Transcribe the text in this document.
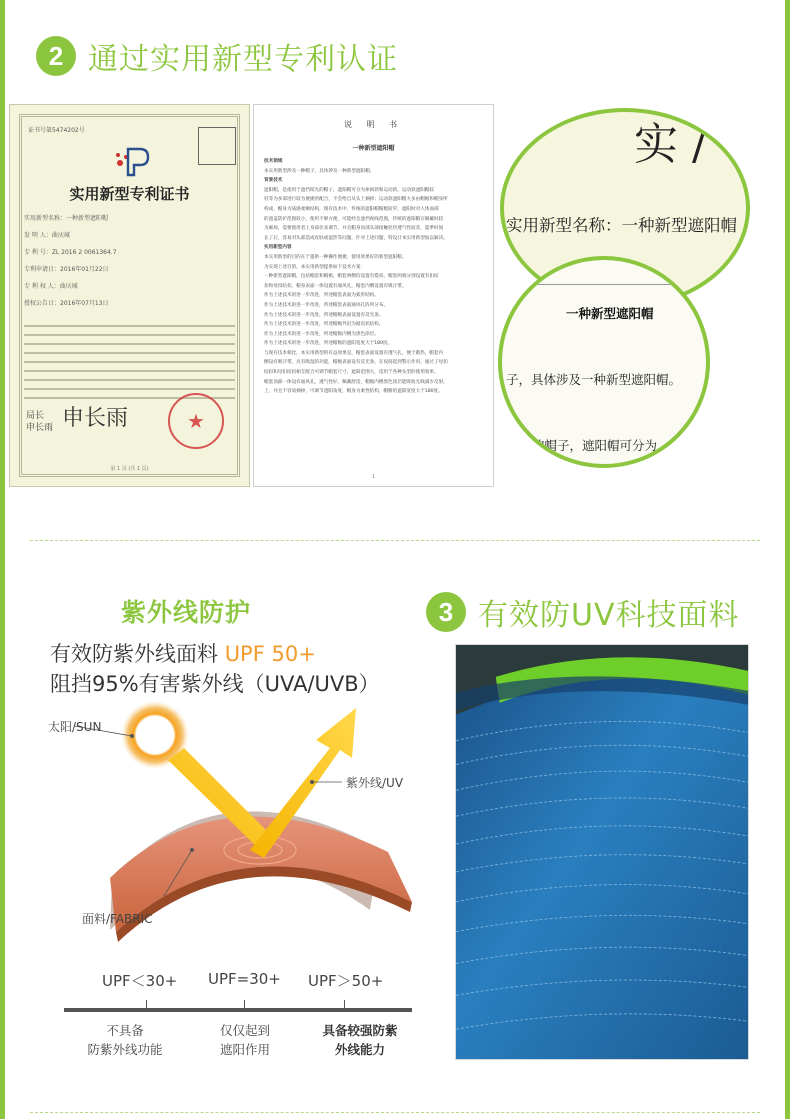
2 通过实用新型专利认证
证书号第5474202号
实用新型专利证书
实用新型名称：一种新型遮阳帽
发 明 人：曲庆城
专 利 号：ZL 2016 2 0061364.7
专利申请日：2016年01月22日
专 利 权 人：曲庆城
授权公告日：2016年07月13日
局长
申长雨 申长雨	★
第 1 页 (共 1 页)
说 明 书
一种新型遮阳帽

技术领域

本实用新型涉及一种帽子，具体涉及一种新型遮阳帽。

背景技术

遮阳帽，是指用于遮挡阳光的帽子，遮阳帽可分为休闲款和运动款，运动款遮阳帽较

轻等为多部进行较为便捷的配合，不会给自从头上摘掉；运动款遮阳帽大多由帽檐和帽身所

构成，帽身为质感柔顺结构，现有技术中，传统的遮阳帽帽檐较窄，遮阳时对人体面部

的遮盖防护范围较小，使用不够方便，可能经会遮挡视线范围，传统的遮阳帽在佩戴时较

为麻烦，需要使用者上身部位来调节，并且帽身顶部头部接触处热透气性较差，夏季时间

长了后，容易对头部造成皮肤或湿热等问题，针对上述问题，特设计本实用新型加以解决。

实用新型内容

本实用新型的目的在于提供一种操作便捷、使用效果好的新型遮阳帽。

为实现上述目的，本实用新型提供如下技术方案：

一种新型遮阳帽，包括帽套和帽檐，帽套两侧均设置有搭扣。帽套两端分别设置有扣结

扣和母扣结扣，帽身表面一体设置有通风孔，帽套内侧设置有吸汗带。

作为上述技术的进一步改进，所述帽套表面为弧形结构。

作为上述技术的进一步改进，所述帽套表面通风孔阵列分布。

作为上述技术的进一步改进，所述帽檐表面设置有反光条。

作为上述技术的进一步改进，所述帽檐外沿为锯齿状结构。

作为上述技术的进一步改进，所述帽檐内侧为黑色涂层。

作为上述技术的进一步改进，所述帽檐的遮阳宽度大于180度。

与现有技术相比，本实用新型的有益效果是，帽套表面设置有透气孔，便于散热，帽套内

侧设有吸汗带，具有吸湿的功能，帽檐表面设有反光条，在夜间起到警示作用，通过子母扣

结扣和母扣结扣相互配合可调节帽套尺寸，遮阳范围大，适用于各种头型的使用效果。

帽套顶部一体设有通风孔，透气性好，佩戴舒适，帽檐内侧黑色涂层能吸收光线减少反射。

上，并且不容易摘掉，可调节遮阳角度，帽身为柔性结构，帽檐的遮阳宽度大于180度。

1
实 /
实用新型名称：一种新型遮阳帽
一种新型遮阳帽
子，具体涉及一种新型遮阳帽。
的帽子，遮阳帽可分为
紫外线防护
有效防紫外线面料 UPF 50+
阻挡95%有害紫外线（UVA/UVB）
太阳/SUN
紫外线/UV
面料/FABRIC
UPF＜30+ UPF=30+ UPF＞50+
不具备
防紫外线功能
仅仅起到
遮阳作用
具备较强防紫
外线能力
3 有效防UV科技面料
